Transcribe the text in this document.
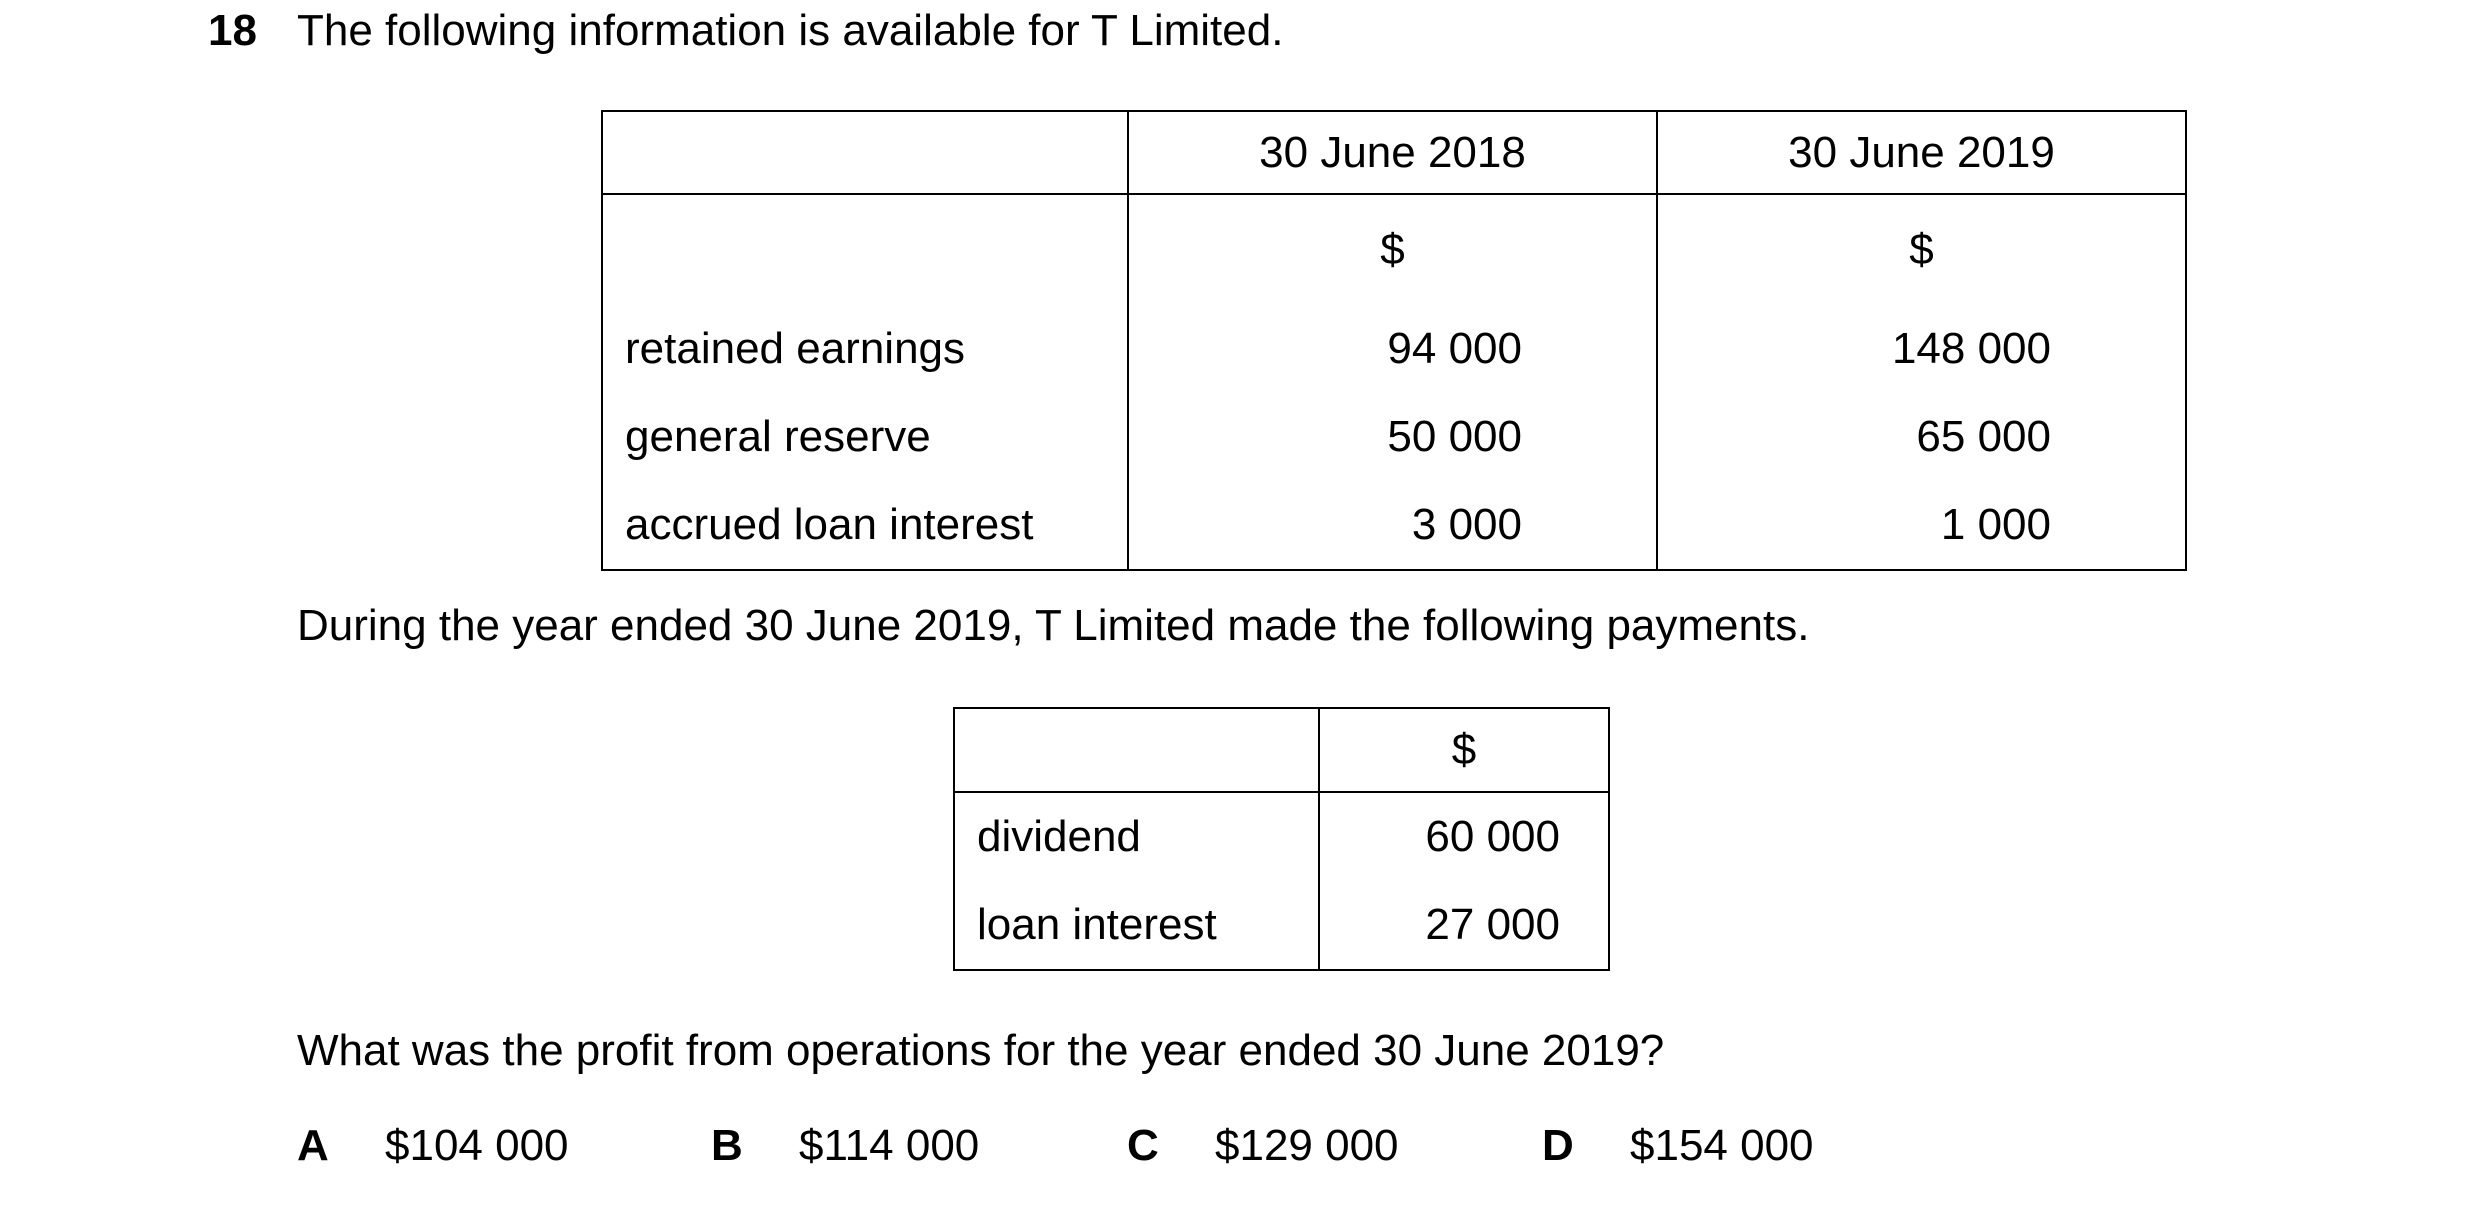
18 The following information is available for T Limited.
	30 June 2018	30 June 2019
	$	$
retained earnings	94 000	148 000
general reserve	50 000	65 000
accrued loan interest	3 000	1 000
During the year ended 30 June 2019, T Limited made the following payments.
	$
dividend	60 000
loan interest	27 000
What was the profit from operations for the year ended 30 June 2019?
A $104 000	B $114 000	C $129 000	D $154 000
